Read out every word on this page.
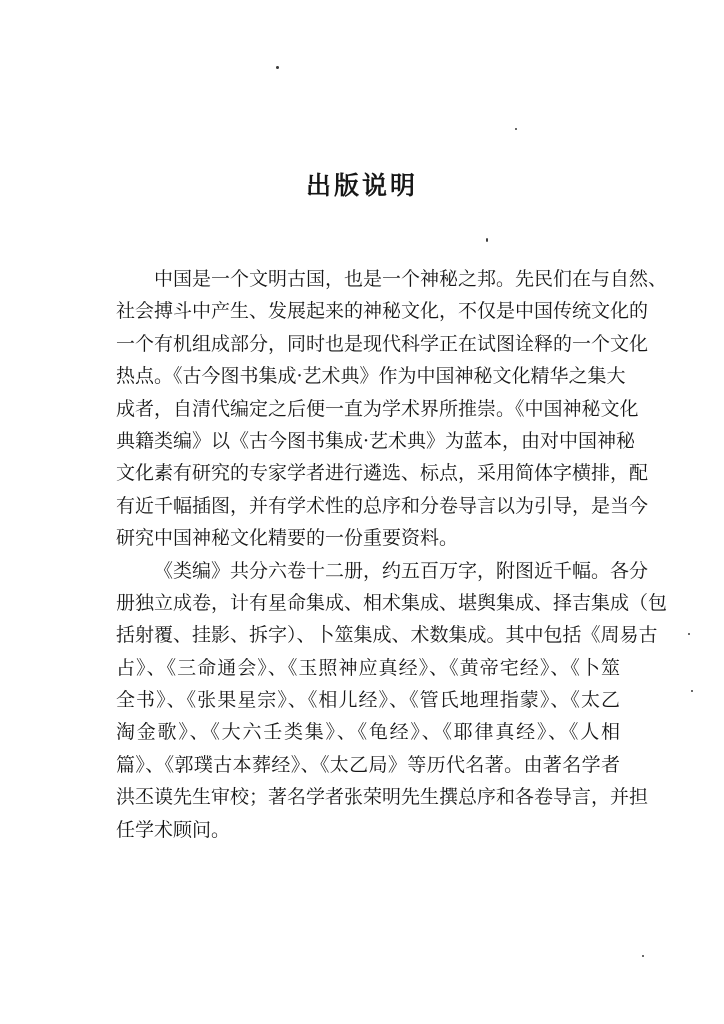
出版说明
中国是一个文明古国，也是一个神秘之邦。先民们在与自然、
社会搏斗中产生、发展起来的神秘文化，不仅是中国传统文化的
一个有机组成部分，同时也是现代科学正在试图诠释的一个文化
热点。《古今图书集成·艺术典》作为中国神秘文化精华之集大
成者，自清代编定之后便一直为学术界所推崇。《中国神秘文化
典籍类编》以《古今图书集成·艺术典》为蓝本，由对中国神秘
文化素有研究的专家学者进行遴选、标点，采用简体字横排，配
有近千幅插图，并有学术性的总序和分卷导言以为引导，是当今
研究中国神秘文化精要的一份重要资料。
《类编》共分六卷十二册，约五百万字，附图近千幅。各分
册独立成卷，计有星命集成、相术集成、堪舆集成、择吉集成（包
括射覆、挂影、拆字）、卜筮集成、术数集成。其中包括《周易古
占》、《三命通会》、《玉照神应真经》、《黄帝宅经》、《卜筮
全书》、《张果星宗》、《相儿经》、《管氏地理指蒙》、《太乙
淘金歌》、《大六壬类集》、《龟经》、《耶律真经》、《人相
篇》、《郭璞古本葬经》、《太乙局》等历代名著。由著名学者
洪丕谟先生审校；著名学者张荣明先生撰总序和各卷导言，并担
任学术顾问。
